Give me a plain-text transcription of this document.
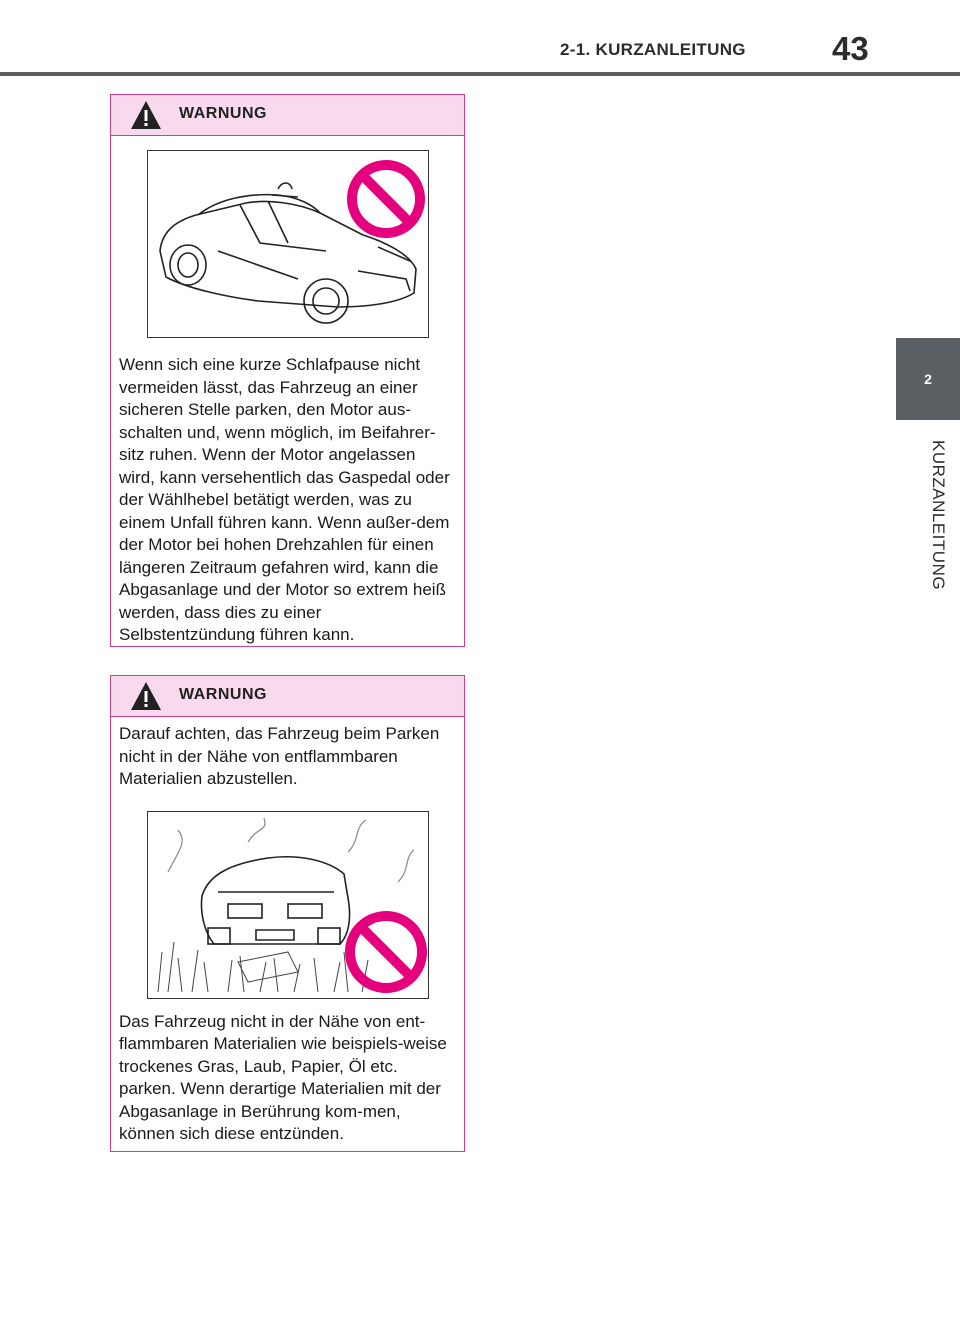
2-1. KURZANLEITUNG	43
2
KURZANLEITUNG
WARNUNG

Wenn sich eine kurze Schlafpause nicht vermeiden lässt, das Fahrzeug an einer sicheren Stelle parken, den Motor aus-schalten und, wenn möglich, im Beifahrer-sitz ruhen. Wenn der Motor angelassen wird, kann versehentlich das Gaspedal oder der Wählhebel betätigt werden, was zu einem Unfall führen kann. Wenn außer-dem der Motor bei hohen Drehzahlen für einen längeren Zeitraum gefahren wird, kann die Abgasanlage und der Motor so extrem heiß werden, dass dies zu einer Selbstentzündung führen kann.

WARNUNG

Darauf achten, das Fahrzeug beim Parken nicht in der Nähe von entflammbaren Materialien abzustellen.

Das Fahrzeug nicht in der Nähe von ent-flammbaren Materialien wie beispiels-weise trockenes Gras, Laub, Papier, Öl etc. parken. Wenn derartige Materialien mit der Abgasanlage in Berührung kom-men, können sich diese entzünden.
